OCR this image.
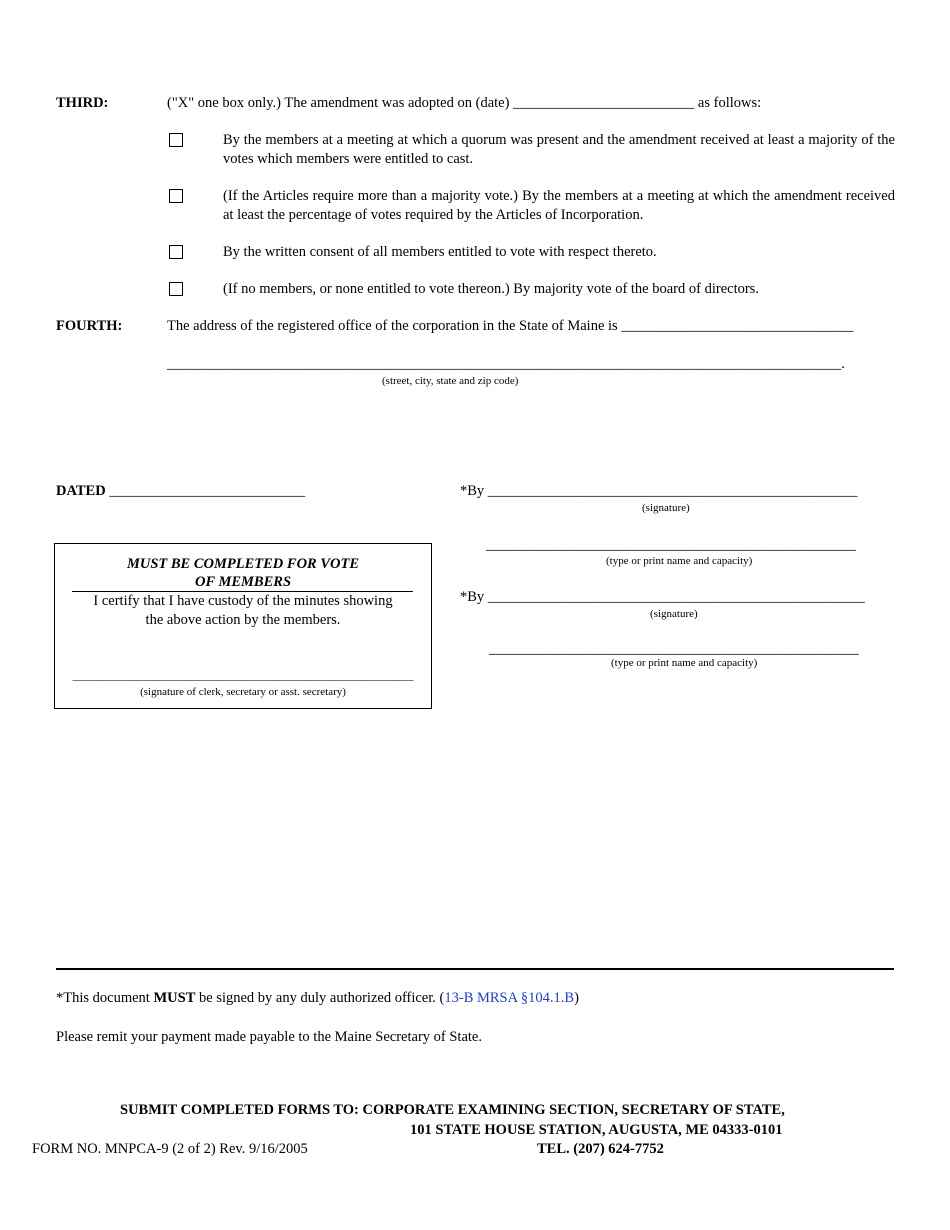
THIRD:	("X" one box only.) The amendment was adopted on (date) _________________________ as follows:
By the members at a meeting at which a quorum was present and the amendment received at least a majority of the votes which members were entitled to cast.
(If the Articles require more than a majority vote.) By the members at a meeting at which the amendment received at least the percentage of votes required by the Articles of Incorporation.
By the written consent of all members entitled to vote with respect thereto.
(If no members, or none entitled to vote thereon.) By majority vote of the board of directors.
FOURTH:	The address of the registered office of the corporation in the State of Maine is ________________________________
_____________________________________________________________________________________________.
(street, city, state and zip code)
DATED ___________________________	*By ___________________________________________________
(signature)
___________________________________________________
(type or print name and capacity)
*By ____________________________________________________
(signature)
___________________________________________________
(type or print name and capacity)
MUST BE COMPLETED FOR VOTE
OF MEMBERS
I certify that I have custody of the minutes showing
the above action by the members.
______________________________________________________________
(signature of clerk, secretary or asst. secretary)
*This document MUST be signed by any duly authorized officer. (13-B MRSA §104.1.B)
Please remit your payment made payable to the Maine Secretary of State.
SUBMIT COMPLETED FORMS TO: CORPORATE EXAMINING SECTION, SECRETARY OF STATE,
101 STATE HOUSE STATION, AUGUSTA, ME 04333-0101
TEL. (207) 624-7752
FORM NO. MNPCA-9 (2 of 2) Rev. 9/16/2005
